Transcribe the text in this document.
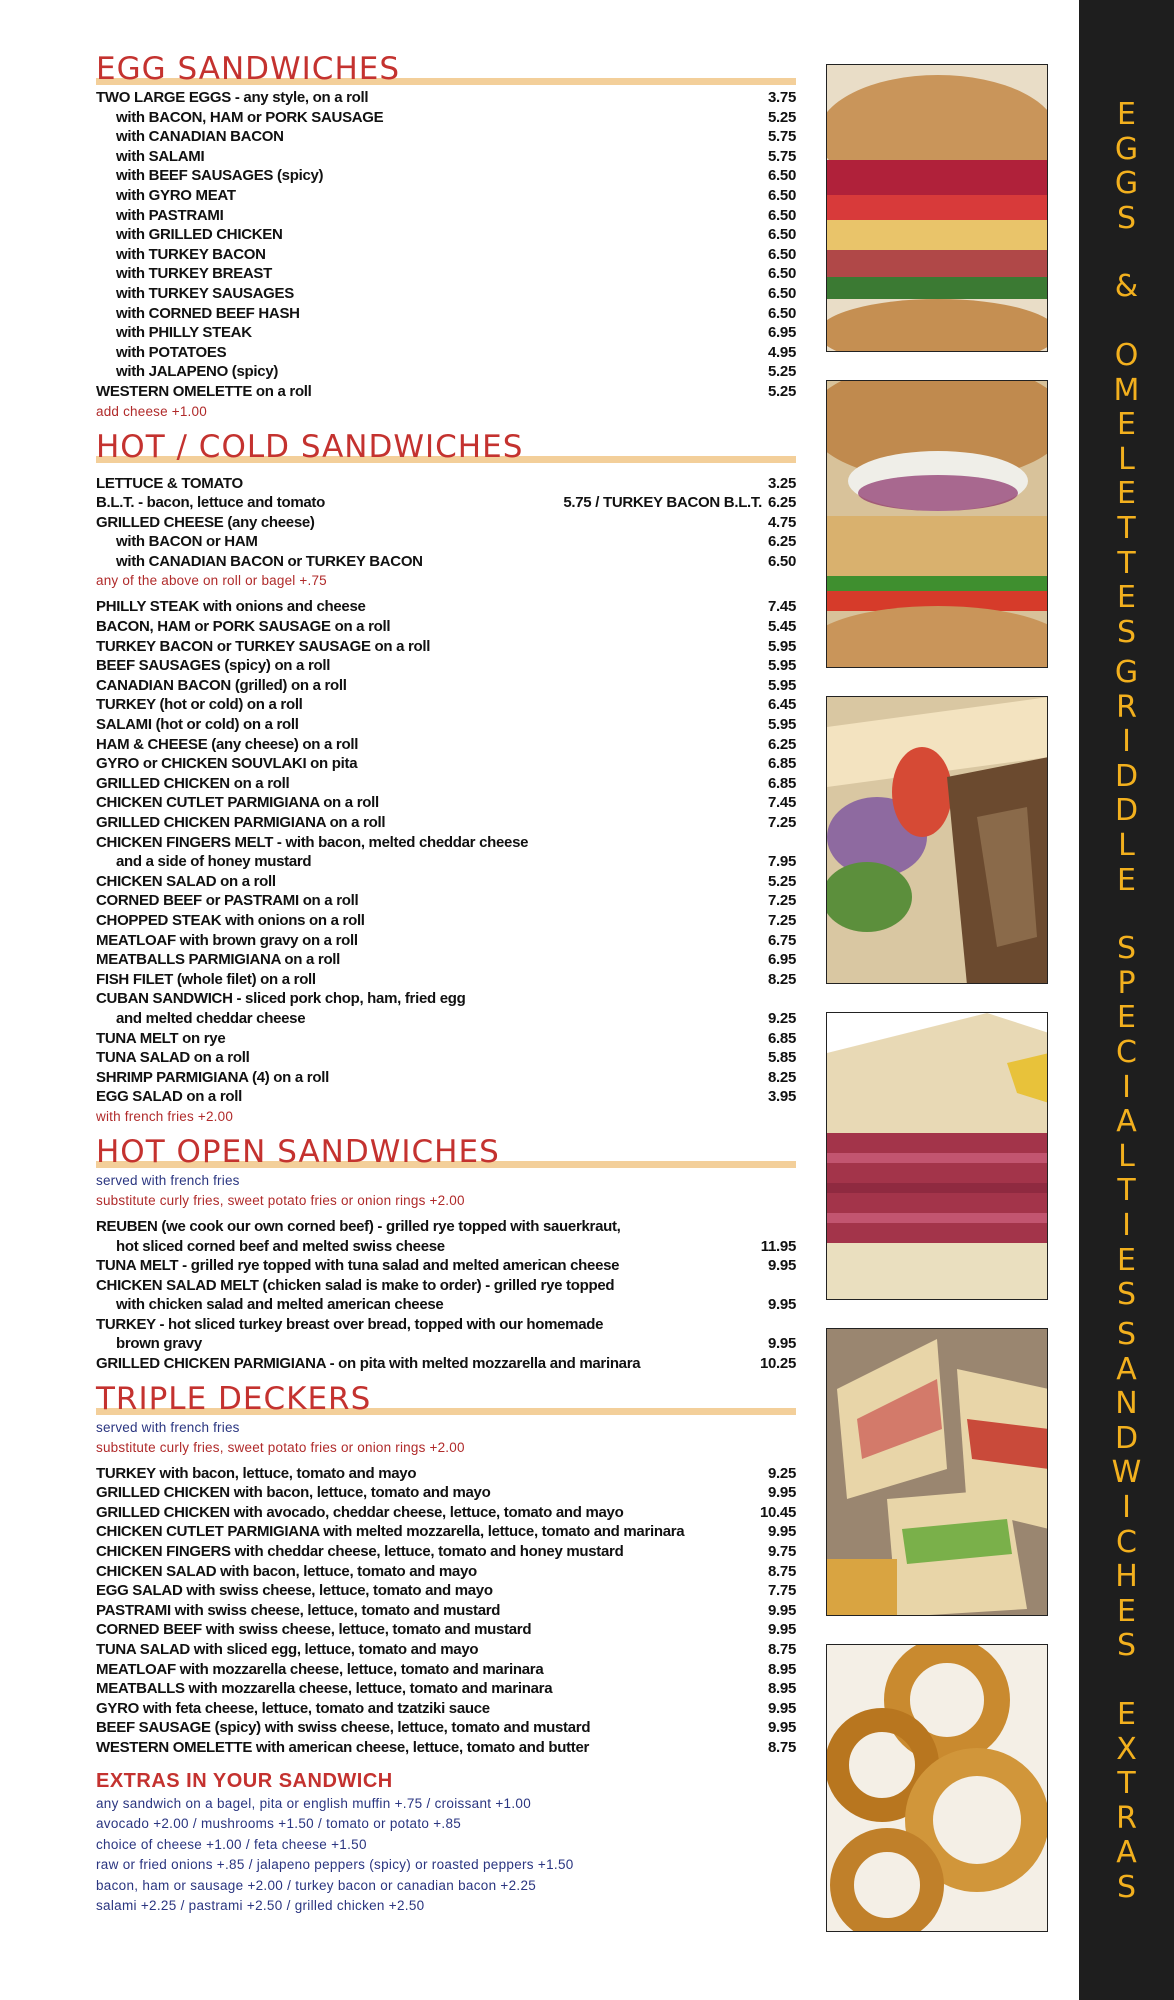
EGG SANDWICHES
TWO LARGE EGGS - any style, on a roll	3.75
with BACON, HAM or PORK SAUSAGE	5.25
with CANADIAN BACON	5.75
with SALAMI	5.75
with BEEF SAUSAGES (spicy)	6.50
with GYRO MEAT	6.50
with PASTRAMI	6.50
with GRILLED CHICKEN	6.50
with TURKEY BACON	6.50
with TURKEY BREAST	6.50
with TURKEY SAUSAGES	6.50
with CORNED BEEF HASH	6.50
with PHILLY STEAK	6.95
with POTATOES	4.95
with JALAPENO (spicy)	5.25
WESTERN OMELETTE on a roll	5.25
add cheese +1.00
HOT / COLD SANDWICHES
LETTUCE & TOMATO	3.25
B.L.T. - bacon, lettuce and tomato	5.75 / TURKEY BACON B.L.T. 6.25
GRILLED CHEESE (any cheese)	4.75
with BACON or HAM	6.25
with CANADIAN BACON or TURKEY BACON	6.50
any of the above on roll or bagel +.75
PHILLY STEAK with onions and cheese	7.45
BACON, HAM or PORK SAUSAGE on a roll	5.45
TURKEY BACON or TURKEY SAUSAGE on a roll	5.95
BEEF SAUSAGES (spicy) on a roll	5.95
CANADIAN BACON (grilled) on a roll	5.95
TURKEY (hot or cold) on a roll	6.45
SALAMI (hot or cold) on a roll	5.95
HAM & CHEESE (any cheese) on a roll	6.25
GYRO or CHICKEN SOUVLAKI on pita	6.85
GRILLED CHICKEN on a roll	6.85
CHICKEN CUTLET PARMIGIANA on a roll	7.45
GRILLED CHICKEN PARMIGIANA on a roll	7.25
CHICKEN FINGERS MELT - with bacon, melted cheddar cheese
and a side of honey mustard	7.95
CHICKEN SALAD on a roll	5.25
CORNED BEEF or PASTRAMI on a roll	7.25
CHOPPED STEAK with onions on a roll	7.25
MEATLOAF with brown gravy on a roll	6.75
MEATBALLS PARMIGIANA on a roll	6.95
FISH FILET (whole filet) on a roll	8.25
CUBAN SANDWICH - sliced pork chop, ham, fried egg
and melted cheddar cheese	9.25
TUNA MELT on rye	6.85
TUNA SALAD on a roll	5.85
SHRIMP PARMIGIANA (4) on a roll	8.25
EGG SALAD on a roll	3.95
with french fries +2.00
HOT OPEN SANDWICHES
served with french fries
substitute curly fries, sweet potato fries or onion rings +2.00
REUBEN (we cook our own corned beef) - grilled rye topped with sauerkraut,
hot sliced corned beef and melted swiss cheese	11.95
TUNA MELT - grilled rye topped with tuna salad and melted american cheese	9.95
CHICKEN SALAD MELT (chicken salad is make to order) - grilled rye topped
with chicken salad and melted american cheese	9.95
TURKEY - hot sliced turkey breast over bread, topped with our homemade
brown gravy	9.95
GRILLED CHICKEN PARMIGIANA - on pita with melted mozzarella and marinara	10.25
TRIPLE DECKERS
served with french fries
substitute curly fries, sweet potato fries or onion rings +2.00
TURKEY with bacon, lettuce, tomato and mayo	9.25
GRILLED CHICKEN with bacon, lettuce, tomato and mayo	9.95
GRILLED CHICKEN with avocado, cheddar cheese, lettuce, tomato and mayo	10.45
CHICKEN CUTLET PARMIGIANA with melted mozzarella, lettuce, tomato and marinara	9.95
CHICKEN FINGERS with cheddar cheese, lettuce, tomato and honey mustard	9.75
CHICKEN SALAD with bacon, lettuce, tomato and mayo	8.75
EGG SALAD with swiss cheese, lettuce, tomato and mayo	7.75
PASTRAMI with swiss cheese, lettuce, tomato and mustard	9.95
CORNED BEEF with swiss cheese, lettuce, tomato and mustard	9.95
TUNA SALAD with sliced egg, lettuce, tomato and mayo	8.75
MEATLOAF with mozzarella cheese, lettuce, tomato and marinara	8.95
MEATBALLS with mozzarella cheese, lettuce, tomato and marinara	8.95
GYRO with feta cheese, lettuce, tomato and tzatziki sauce	9.95
BEEF SAUSAGE (spicy) with swiss cheese, lettuce, tomato and mustard	9.95
WESTERN OMELETTE with american cheese, lettuce, tomato and butter	8.75
EXTRAS IN YOUR SANDWICH
any sandwich on a bagel, pita or english muffin +.75 / croissant +1.00
avocado +2.00 / mushrooms +1.50 / tomato or potato +.85
choice of cheese +1.00 / feta cheese +1.50
raw or fried onions +.85 / jalapeno peppers (spicy) or roasted peppers +1.50
bacon, ham or sausage +2.00 / turkey bacon or canadian bacon +2.25
salami +2.25 / pastrami +2.50 / grilled chicken +2.50
E
G
G
S
&
O
M
E
L
E
T
T
E
S
G
R
I
D
D
L
E
S
P
E
C
I
A
L
T
I
E
S
S
A
N
D
W
I
C
H
E
S
E
X
T
R
A
S
